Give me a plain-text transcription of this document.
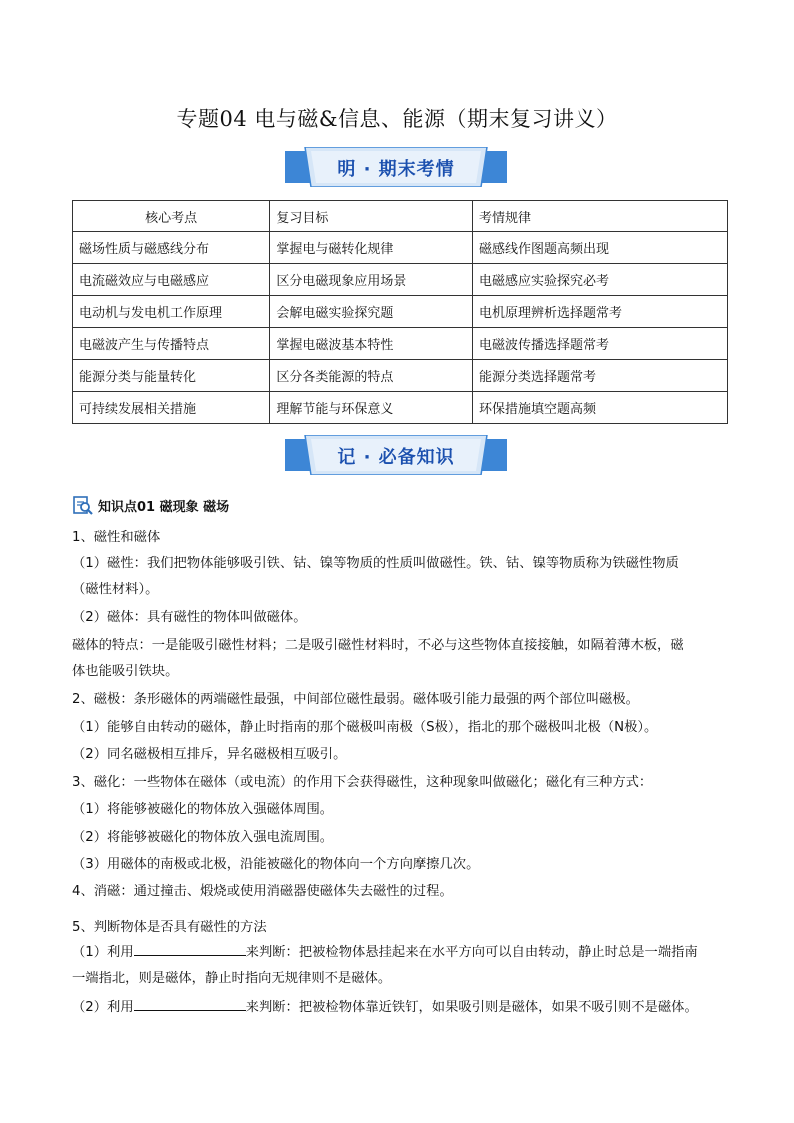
专题04 电与磁&信息、能源（期末复习讲义）
明 · 期末考情
核心考点	复习目标	考情规律
磁场性质与磁感线分布	掌握电与磁转化规律	磁感线作图题高频出现
电流磁效应与电磁感应	区分电磁现象应用场景	电磁感应实验探究必考
电动机与发电机工作原理	会解电磁实验探究题	电机原理辨析选择题常考
电磁波产生与传播特点	掌握电磁波基本特性	电磁波传播选择题常考
能源分类与能量转化	区分各类能源的特点	能源分类选择题常考
可持续发展相关措施	理解节能与环保意义	环保措施填空题高频
记 · 必备知识
知识点01 磁现象 磁场
1、磁性和磁体
（1）磁性：我们把物体能够吸引铁、钴、镍等物质的性质叫做磁性。铁、钴、镍等物质称为铁磁性物质
（磁性材料）。
（2）磁体：具有磁性的物体叫做磁体。
磁体的特点：一是能吸引磁性材料；二是吸引磁性材料时，不必与这些物体直接接触，如隔着薄木板，磁
体也能吸引铁块。
2、磁极：条形磁体的两端磁性最强，中间部位磁性最弱。磁体吸引能力最强的两个部位叫磁极。
（1）能够自由转动的磁体，静止时指南的那个磁极叫南极（S极），指北的那个磁极叫北极（N极）。
（2）同名磁极相互排斥，异名磁极相互吸引。
3、磁化：一些物体在磁体（或电流）的作用下会获得磁性，这种现象叫做磁化；磁化有三种方式：
（1）将能够被磁化的物体放入强磁体周围。
（2）将能够被磁化的物体放入强电流周围。
（3）用磁体的南极或北极，沿能被磁化的物体向一个方向摩擦几次。
4、消磁：通过撞击、煅烧或使用消磁器使磁体失去磁性的过程。
5、判断物体是否具有磁性的方法
（1）利用	来判断：把被检物体悬挂起来在水平方向可以自由转动，静止时总是一端指南
一端指北，则是磁体，静止时指向无规律则不是磁体。
（2）利用	来判断：把被检物体靠近铁钉，如果吸引则是磁体，如果不吸引则不是磁体。
